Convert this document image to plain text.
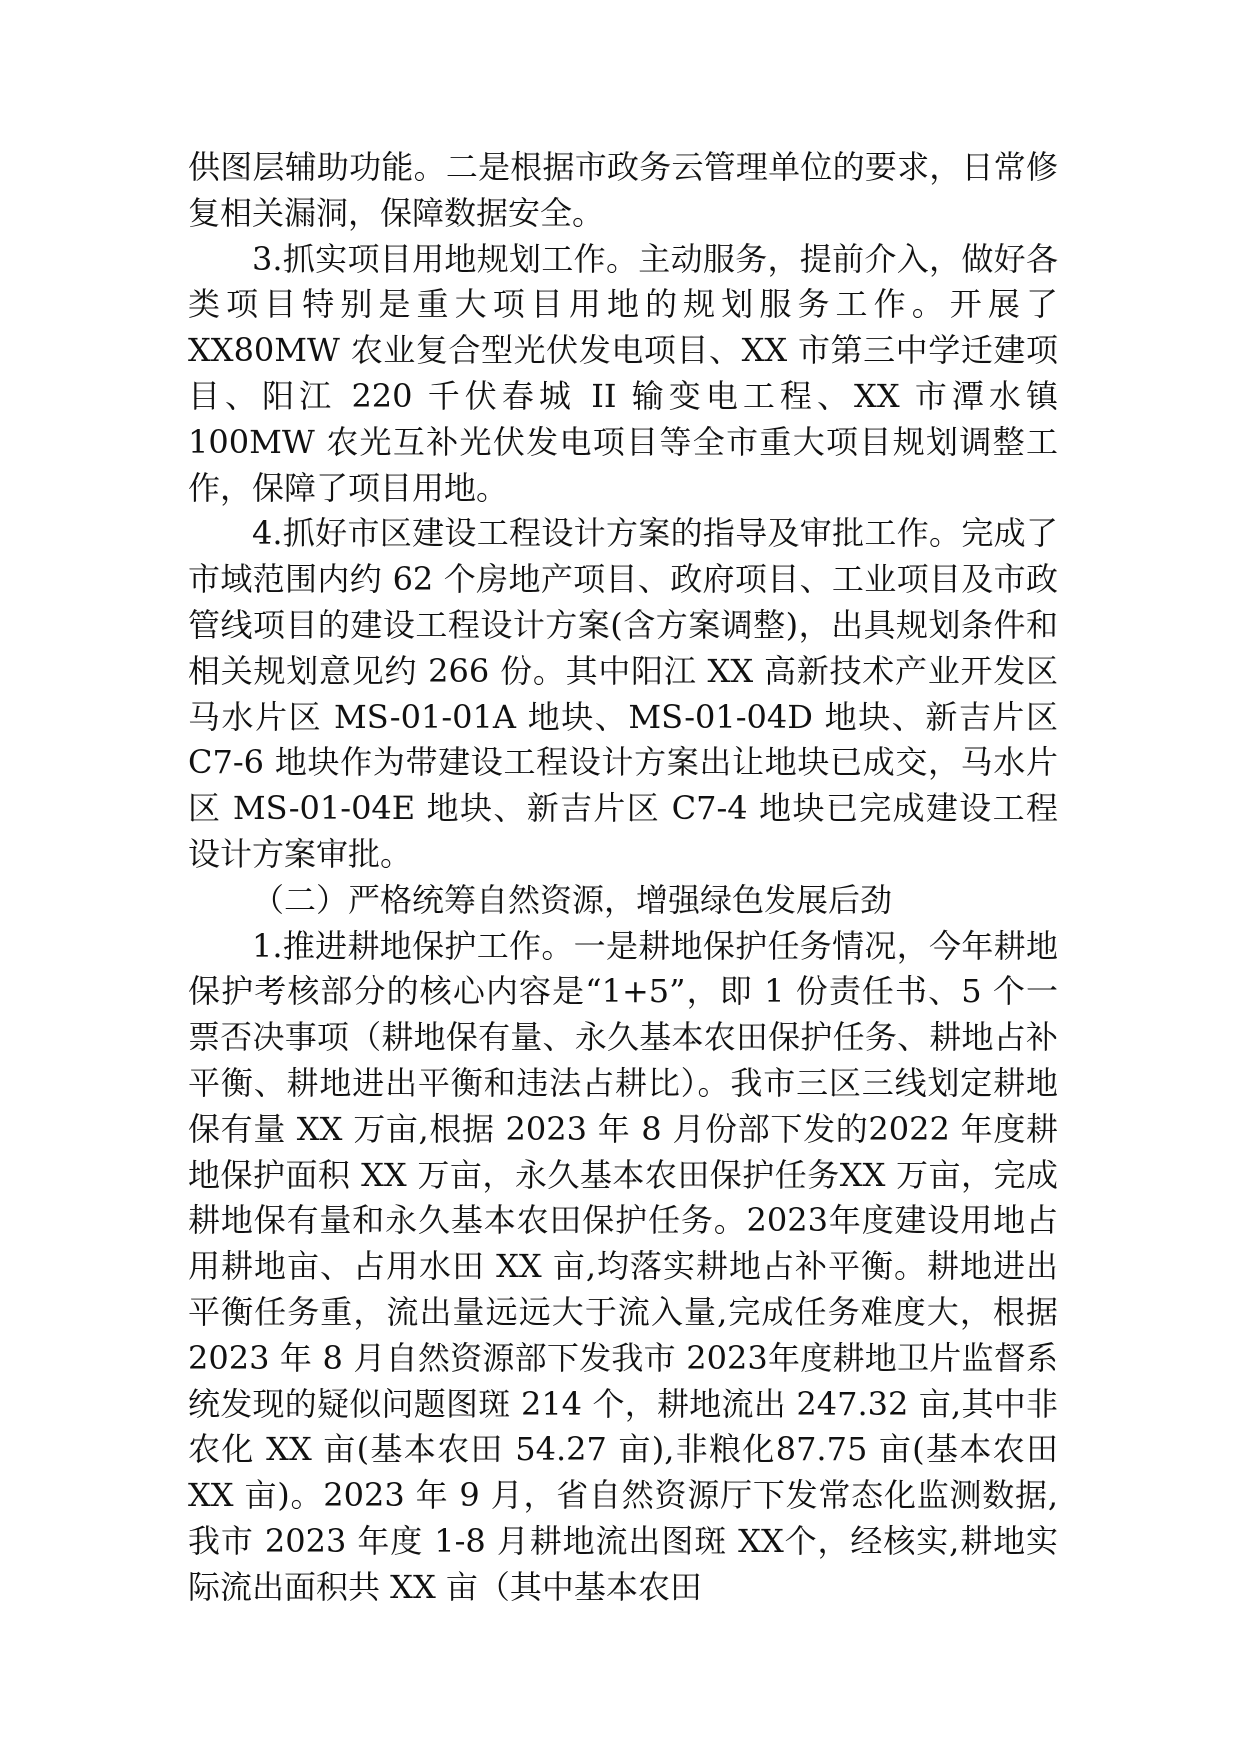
供图层辅助功能。二是根据市政务云管理单位的要求，日常修复相关漏洞，保障数据安全。

3.抓实项目用地规划工作。主动服务，提前介入，做好各类项目特别是重大项目用地的规划服务工作。开展了XX80MW 农业复合型光伏发电项目、XX 市第三中学迁建项目、阳江 220 千伏春城 II 输变电工程、XX 市潭水镇100MW 农光互补光伏发电项目等全市重大项目规划调整工作，保障了项目用地。

4.抓好市区建设工程设计方案的指导及审批工作。完成了市域范围内约 62 个房地产项目、政府项目、工业项目及市政管线项目的建设工程设计方案(含方案调整)，出具规划条件和相关规划意见约 266 份。其中阳江 XX 高新技术产业开发区马水片区 MS-01-01A 地块、MS-01-04D 地块、新吉片区 C7-6 地块作为带建设工程设计方案出让地块已成交，马水片区 MS-01-04E 地块、新吉片区 C7-4 地块已完成建设工程设计方案审批。

（二）严格统筹自然资源，增强绿色发展后劲

1.推进耕地保护工作。一是耕地保护任务情况，今年耕地保护考核部分的核心内容是“1+5”，即 1 份责任书、5 个一票否决事项（耕地保有量、永久基本农田保护任务、耕地占补平衡、耕地进出平衡和违法占耕比）。我市三区三线划定耕地保有量 XX 万亩,根据 2023 年 8 月份部下发的2022 年度耕地保护面积 XX 万亩，永久基本农田保护任务XX 万亩，完成耕地保有量和永久基本农田保护任务。2023年度建设用地占用耕地亩、占用水田 XX 亩,均落实耕地占补平衡。耕地进出平衡任务重，流出量远远大于流入量,完成任务难度大，根据 2023 年 8 月自然资源部下发我市 2023年度耕地卫片监督系统发现的疑似问题图斑 214 个，耕地流出 247.32 亩,其中非农化 XX 亩(基本农田 54.27 亩),非粮化87.75 亩(基本农田 XX 亩)。2023 年 9 月，省自然资源厅下发常态化监测数据,我市 2023 年度 1-8 月耕地流出图斑 XX个，经核实,耕地实际流出面积共 XX 亩（其中基本农田
